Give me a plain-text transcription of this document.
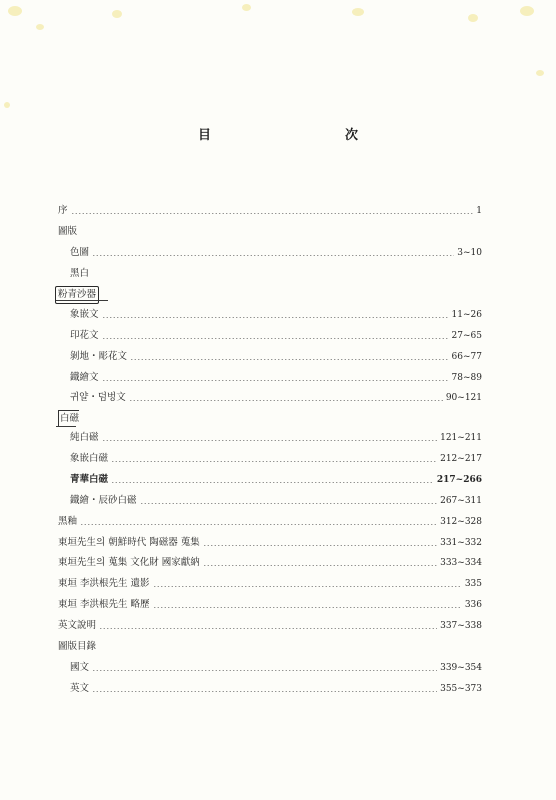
目　　次
序	1
圖版
色圖	3~10
黑白
粉青沙器
象嵌文	11~26
印花文	27~65
剝地・彫花文	66~77
鐵繪文	78~89
귀얄・덤벙文	90~121
白磁
純白磁	121~211
象嵌白磁	212~217
青華白磁	217~266
鐵繪・辰砂白磁	267~311
黑釉	312~328
東垣先生의 朝鮮時代 陶磁器 蒐集	331~332
東垣先生의 蒐集 文化財 國家獻納	333~334
東垣 李洪根先生 遺影	335
東垣 李洪根先生 略歷	336
英文說明	337~338
圖版目錄
國文	339~354
英文	355~373
